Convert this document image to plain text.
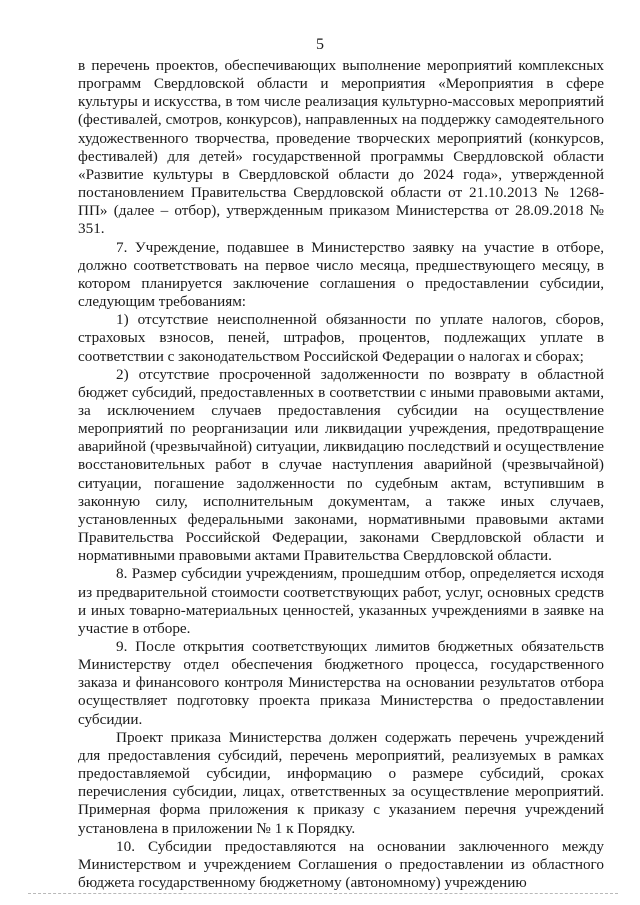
5

в перечень проектов, обеспечивающих выполнение мероприятий комплексных программ Свердловской области и мероприятия «Мероприятия в сфере культуры и искусства, в том числе реализация культурно-массовых мероприятий (фестивалей, смотров, конкурсов), направленных на поддержку самодеятельного художественного творчества, проведение творческих мероприятий (конкурсов, фестивалей) для детей» государственной программы Свердловской области «Развитие культуры в Свердловской области до 2024 года», утвержденной постановлением Правительства Свердловской области от 21.10.2013 № 1268-ПП» (далее – отбор), утвержденным приказом Министерства от 28.09.2018 № 351.

7. Учреждение, подавшее в Министерство заявку на участие в отборе, должно соответствовать на первое число месяца, предшествующего месяцу, в котором планируется заключение соглашения о предоставлении субсидии, следующим требованиям:

1) отсутствие неисполненной обязанности по уплате налогов, сборов, страховых взносов, пеней, штрафов, процентов, подлежащих уплате в соответствии с законодательством Российской Федерации о налогах и сборах;

2) отсутствие просроченной задолженности по возврату в областной бюджет субсидий, предоставленных в соответствии с иными правовыми актами, за исключением случаев предоставления субсидии на осуществление мероприятий по реорганизации или ликвидации учреждения, предотвращение аварийной (чрезвычайной) ситуации, ликвидацию последствий и осуществление восстановительных работ в случае наступления аварийной (чрезвычайной) ситуации, погашение задолженности по судебным актам, вступившим в законную силу, исполнительным документам, а также иных случаев, установленных федеральными законами, нормативными правовыми актами Правительства Российской Федерации, законами Свердловской области и нормативными правовыми актами Правительства Свердловской области.

8. Размер субсидии учреждениям, прошедшим отбор, определяется исходя из предварительной стоимости соответствующих работ, услуг, основных средств и иных товарно-материальных ценностей, указанных учреждениями в заявке на участие в отборе.

9. После открытия соответствующих лимитов бюджетных обязательств Министерству отдел обеспечения бюджетного процесса, государственного заказа и финансового контроля Министерства на основании результатов отбора осуществляет подготовку проекта приказа Министерства о предоставлении субсидии.

Проект приказа Министерства должен содержать перечень учреждений для предоставления субсидий, перечень мероприятий, реализуемых в рамках предоставляемой субсидии, информацию о размере субсидий, сроках перечисления субсидии, лицах, ответственных за осуществление мероприятий. Примерная форма приложения к приказу с указанием перечня учреждений установлена в приложении № 1 к Порядку.

10. Субсидии предоставляются на основании заключенного между Министерством и учреждением Соглашения о предоставлении из областного бюджета государственному бюджетному (автономному) учреждению
